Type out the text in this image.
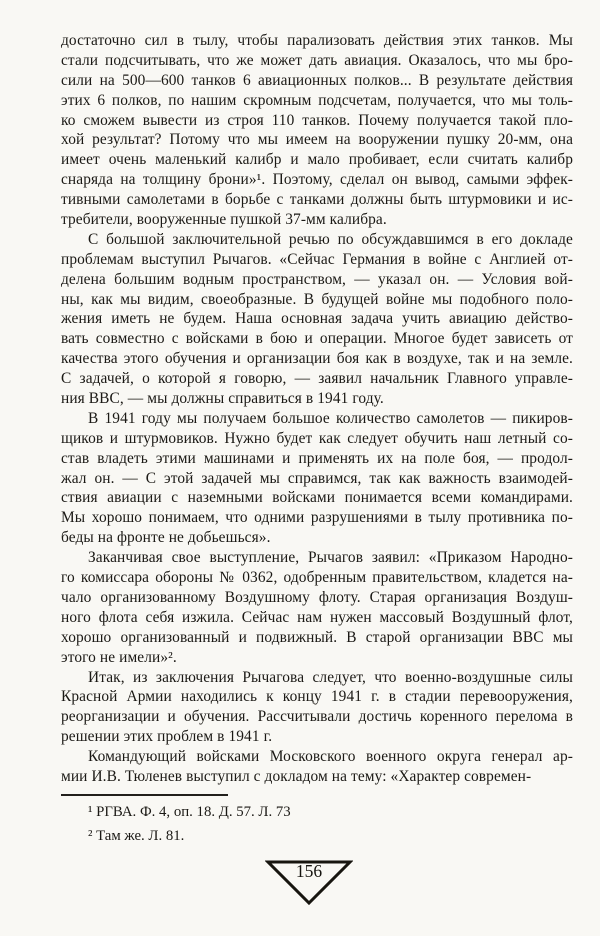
достаточно сил в тылу, чтобы парализовать действия этих танков. Мы
стали подсчитывать, что же может дать авиация. Оказалось, что мы бро-
сили на 500—600 танков 6 авиационных полков... В результате действия
этих 6 полков, по нашим скромным подсчетам, получается, что мы толь-
ко сможем вывести из строя 110 танков. Почему получается такой пло-
хой результат? Потому что мы имеем на вооружении пушку 20-мм, она
имеет очень маленький калибр и мало пробивает, если считать калибр
снаряда на толщину брони»¹. Поэтому, сделал он вывод, самыми эффек-
тивными самолетами в борьбе с танками должны быть штурмовики и ис-
требители, вооруженные пушкой 37-мм калибра.
С большой заключительной речью по обсуждавшимся в его докладе
проблемам выступил Рычагов. «Сейчас Германия в войне с Англией от-
делена большим водным пространством, — указал он. — Условия вой-
ны, как мы видим, своеобразные. В будущей войне мы подобного поло-
жения иметь не будем. Наша основная задача учить авиацию действо-
вать совместно с войсками в бою и операции. Многое будет зависеть от
качества этого обучения и организации боя как в воздухе, так и на земле.
С задачей, о которой я говорю, — заявил начальник Главного управле-
ния ВВС, — мы должны справиться в 1941 году.
В 1941 году мы получаем большое количество самолетов — пикиров-
щиков и штурмовиков. Нужно будет как следует обучить наш летный со-
став владеть этими машинами и применять их на поле боя, — продол-
жал он. — С этой задачей мы справимся, так как важность взаимодей-
ствия авиации с наземными войсками понимается всеми командирами.
Мы хорошо понимаем, что одними разрушениями в тылу противника по-
беды на фронте не добьешься».
Заканчивая свое выступление, Рычагов заявил: «Приказом Народно-
го комиссара обороны № 0362, одобренным правительством, кладется на-
чало организованному Воздушному флоту. Старая организация Воздуш-
ного флота себя изжила. Сейчас нам нужен массовый Воздушный флот,
хорошо организованный и подвижный. В старой организации ВВС мы
этого не имели»².
Итак, из заключения Рычагова следует, что военно-воздушные силы
Красной Армии находились к концу 1941 г. в стадии перевооружения,
реорганизации и обучения. Рассчитывали достичь коренного перелома в
решении этих проблем в 1941 г.
Командующий войсками Московского военного округа генерал ар-
мии И.В. Тюленев выступил с докладом на тему: «Характер современ-
¹ РГВА. Ф. 4, оп. 18. Д. 57. Л. 73
² Там же. Л. 81.
156
